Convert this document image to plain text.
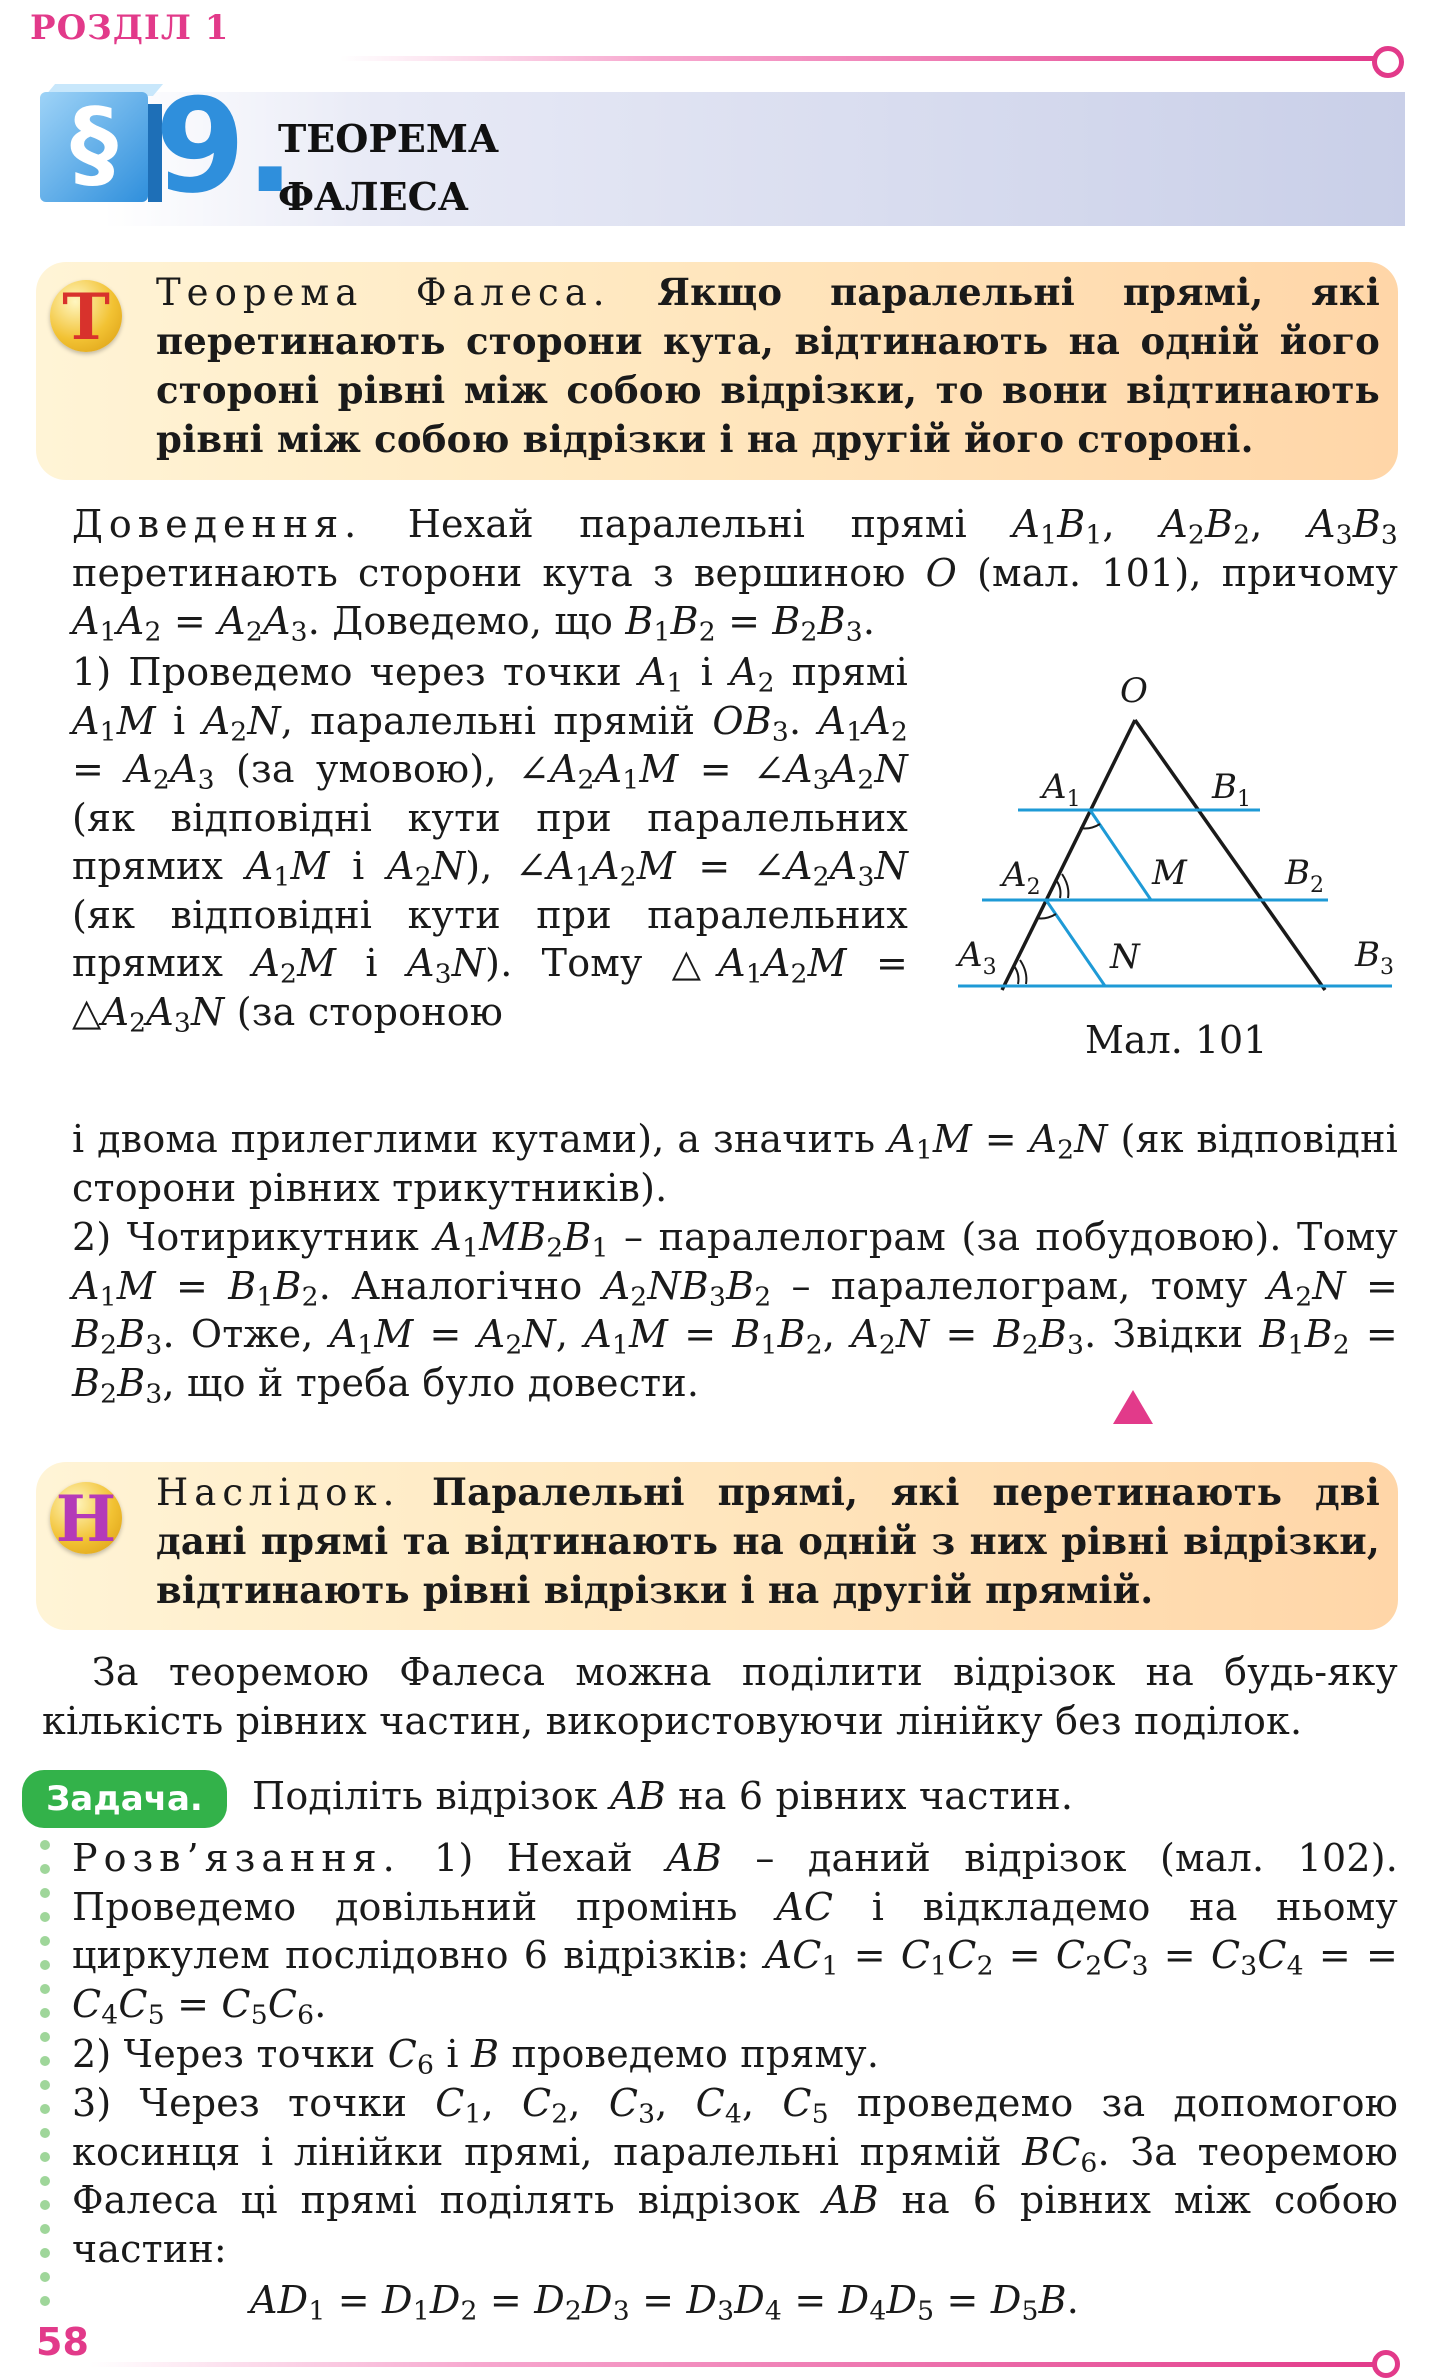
РОЗДІЛ 1
§ 9.
ТЕОРЕМА
ФАЛЕСА
Т	Теорема Фалеса. Якщо паралельні прямі, які перетинають сторони кута, відтинають на одній його стороні рівні між собою відрізки, то вони відтинають рівні між собою відрізки і на другій його стороні.
Доведення. Нехай паралельні прямі $A_1B_1$, $A_2B_2$, $A_3B_3$ перетинають сторони кута з вершиною O (мал. 101), причому $A_1A_2 = A_2A_3$. Доведемо, що $B_1B_2 = B_2B_3$.
1) Проведемо через точки $A_1$ і $A_2$ прямі $A_1M$ і $A_2N$, паралельні прямій $OB_3$. $A_1A_2 = A_2A_3$ (за умовою), $\angle A_2A_1M$ = $\angle A_3A_2N$ (як відповідні кути при паралельних прямих $A_1M$ і $A_2N$), $\angle A_1A_2M$ = $\angle A_2A_3N$ (як відповідні кути при паралельних прямих $A_2M$ і $A_3N$). Тому $\triangle A_1A_2M$ = $\triangle A_2A_3N$ (за стороною
і двома прилеглими кутами), а значить $A_1M = A_2N$ (як відповідні сторони рівних трикутників).
2) Чотирикутник $A_1MB_2B_1$ – паралелограм (за побудовою). Тому $A_1M = B_1B_2$. Аналогічно $A_2NB_3B_2$ – паралелограм, тому $A_2N = B_2B_3$. Отже, $A_1M = A_2N$, $A_1M = B_1B_2$, $A_2N = B_2B_3$. Звідки $B_1B_2 = B_2B_3$, що й треба було довести.
O
$A_1$	$B_1$
$A_2$	M	$B_2$
$A_3$	N	$B_3$
Мал. 101
Н Наслідок. Паралельні прямі, які перетинають дві дані прямі та відтинають на одній з них рівні відрізки, відтинають рівні відрізки і на другій прямій.
За теоремою Фалеса можна поділити відрізок на будь-яку кількість рівних частин, використовуючи лінійку без поділок.
Задача.	Поділіть відрізок AB на 6 рівних частин.
Розв’язання. 1) Нехай AB – даний відрізок (мал. 102). Проведемо довільний промінь AC і відкладемо на ньому циркулем послідовно 6 відрізків: $AC_1 = C_1C_2 = C_2C_3 = C_3C_4$ = = $C_4C_5 = C_5C_6$.
2) Через точки $C_6$ і B проведемо пряму.
3) Через точки $C_1$, $C_2$, $C_3$, $C_4$, $C_5$ проведемо за допомогою косинця і лінійки прямі, паралельні прямій $BC_6$. За теоремою Фалеса ці прямі поділять відрізок AB на 6 рівних між собою частин:
$AD_1 = D_1D_2 = D_2D_3 = D_3D_4 = D_4D_5 = D_5B$.
58
